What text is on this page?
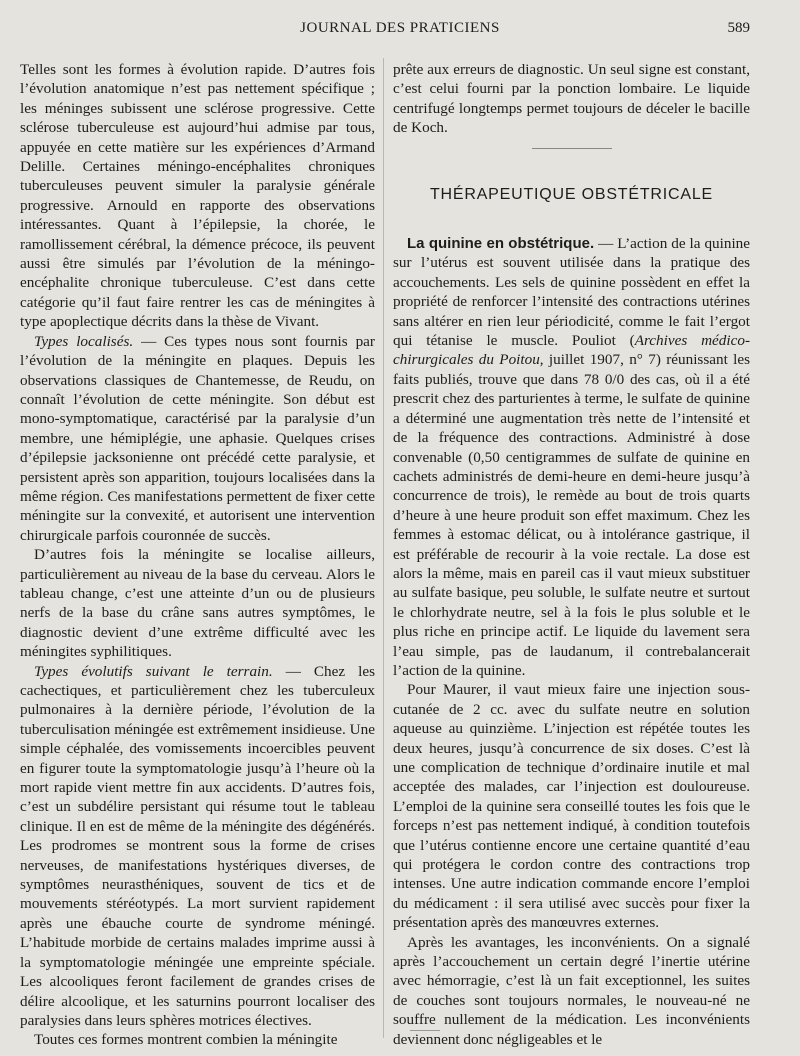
JOURNAL DES PRATICIENS	589

Telles sont les formes à évolution rapide. D’autres fois l’évolution anatomique n’est pas nettement spécifique ; les méninges subissent une sclérose progressive. Cette sclérose tuberculeuse est aujourd’hui admise par tous, appuyée en cette matière sur les expériences d’Armand Delille. Certaines méningo-encéphalites chroniques tuberculeuses peuvent simuler la paralysie générale progressive. Arnould en rapporte des observations intéressantes. Quant à l’épilepsie, la chorée, le ramollissement cérébral, la démence précoce, ils peuvent aussi être simulés par l’évolution de la méningo-encéphalite chronique tuberculeuse. C’est dans cette catégorie qu’il faut faire rentrer les cas de méningites à type apoplectique décrits dans la thèse de Vivant.

Types localisés. — Ces types nous sont fournis par l’évolution de la méningite en plaques. Depuis les observations classiques de Chantemesse, de Reudu, on connaît l’évolution de cette méningite. Son début est mono-symptomatique, caractérisé par la paralysie d’un membre, une hémiplégie, une aphasie. Quelques crises d’épilepsie jacksonienne ont précédé cette paralysie, et persistent après son apparition, toujours localisées dans la même région. Ces manifestations permettent de fixer cette méningite sur la convexité, et autorisent une intervention chirurgicale parfois couronnée de succès.

D’autres fois la méningite se localise ailleurs, particulièrement au niveau de la base du cerveau. Alors le tableau change, c’est une atteinte d’un ou de plusieurs nerfs de la base du crâne sans autres symptômes, le diagnostic devient d’une extrême difficulté avec les méningites syphilitiques.

Types évolutifs suivant le terrain. — Chez les cachectiques, et particulièrement chez les tuberculeux pulmonaires à la dernière période, l’évolution de la tuberculisation méningée est extrêmement insidieuse. Une simple céphalée, des vomissements incoercibles peuvent en figurer toute la symptomatologie jusqu’à l’heure où la mort rapide vient mettre fin aux accidents. D’autres fois, c’est un subdélire persistant qui résume tout le tableau clinique. Il en est de même de la méningite des dégénérés. Les prodromes se montrent sous la forme de crises nerveuses, de manifestations hystériques diverses, de symptômes neurasthéniques, souvent de tics et de mouvements stéréotypés. La mort survient rapidement après une ébauche courte de syndrome méningé. L’habitude morbide de certains malades imprime aussi à la symptomatologie méningée une empreinte spéciale. Les alcooliques feront facilement de grandes crises de délire alcoolique, et les saturnins pourront localiser des paralysies dans leurs sphères motrices électives.

Toutes ces formes montrent combien la méningite

prête aux erreurs de diagnostic. Un seul signe est constant, c’est celui fourni par la ponction lombaire. Le liquide centrifugé longtemps permet toujours de déceler le bacille de Koch.

THÉRAPEUTIQUE OBSTÉTRICALE

La quinine en obstétrique. — L’action de la quinine sur l’utérus est souvent utilisée dans la pratique des accouchements. Les sels de quinine possèdent en effet la propriété de renforcer l’intensité des contractions utérines sans altérer en rien leur périodicité, comme le fait l’ergot qui tétanise le muscle. Pouliot (Archives médico-chirurgicales du Poitou, juillet 1907, n° 7) réunissant les faits publiés, trouve que dans 78 0/0 des cas, où il a été prescrit chez des parturientes à terme, le sulfate de quinine a déterminé une augmentation très nette de l’intensité et de la fréquence des contractions. Administré à dose convenable (0,50 centigrammes de sulfate de quinine en cachets administrés de demi-heure en demi-heure jusqu’à concurrence de trois), le remède au bout de trois quarts d’heure à une heure produit son effet maximum. Chez les femmes à estomac délicat, ou à intolérance gastrique, il est préférable de recourir à la voie rectale. La dose est alors la même, mais en pareil cas il vaut mieux substituer au sulfate basique, peu soluble, le sulfate neutre et surtout le chlorhydrate neutre, sel à la fois le plus soluble et le plus riche en principe actif. Le liquide du lavement sera l’eau simple, pas de laudanum, il contrebalancerait l’action de la quinine.

Pour Maurer, il vaut mieux faire une injection sous-cutanée de 2 cc. avec du sulfate neutre en solution aqueuse au quinzième. L’injection est répétée toutes les deux heures, jusqu’à concurrence de six doses. C’est là une complication de technique d’ordinaire inutile et mal acceptée des malades, car l’injection est douloureuse. L’emploi de la quinine sera conseillé toutes les fois que le forceps n’est pas nettement indiqué, à condition toutefois que l’utérus contienne encore une certaine quantité d’eau qui protégera le cordon contre des contractions trop intenses. Une autre indication commande encore l’emploi du médicament : il sera utilisé avec succès pour fixer la présentation après des manœuvres externes.

Après les avantages, les inconvénients. On a signalé après l’accouchement un certain degré l’inertie utérine avec hémorragie, c’est là un fait exceptionnel, les suites de couches sont toujours normales, le nouveau-né ne souffre nullement de la médication. Les inconvénients deviennent donc négligeables et le
